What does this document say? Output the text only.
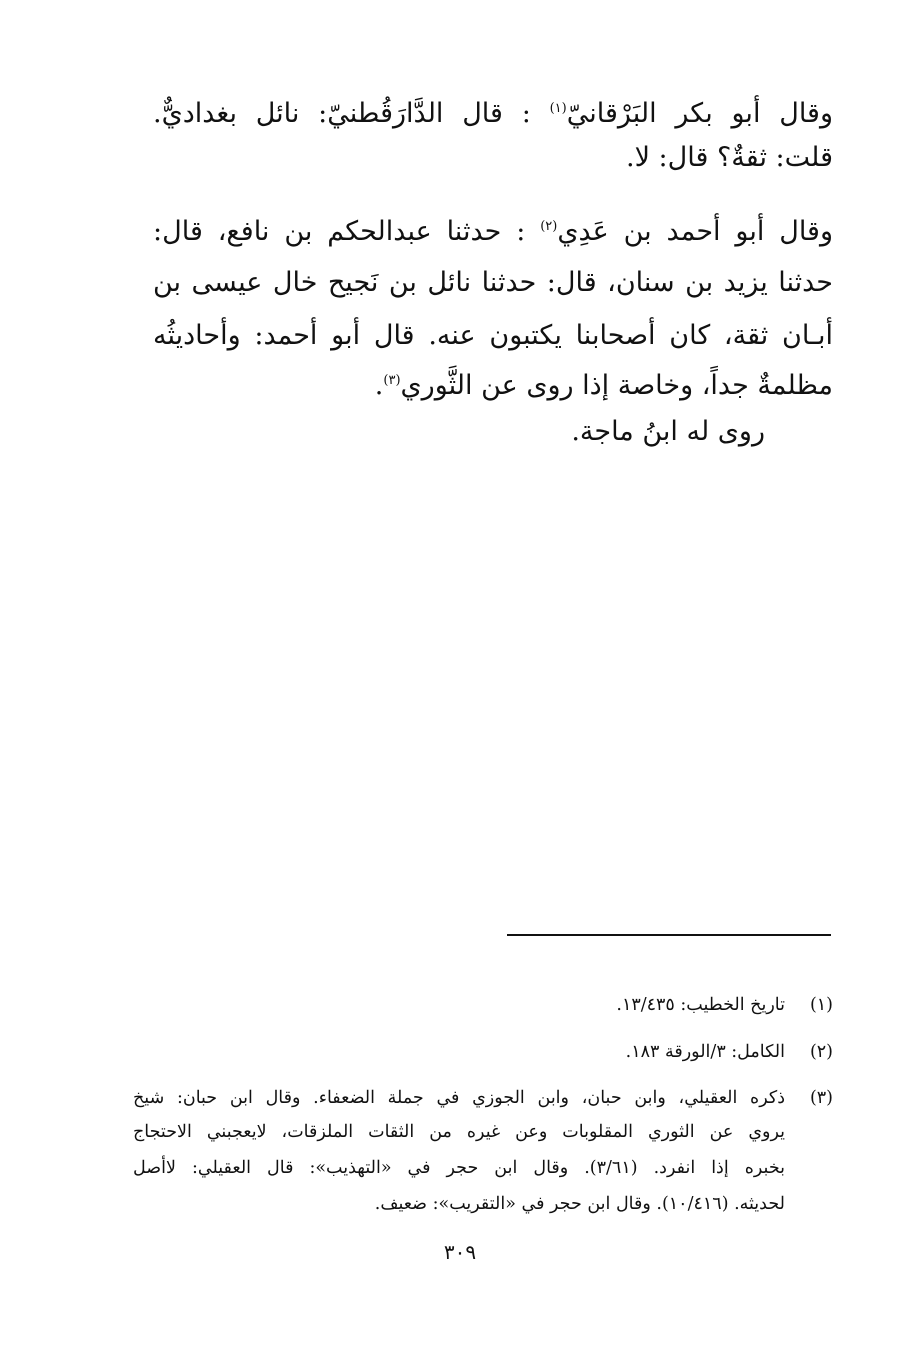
وقال أبو بكر البَرْقانيّ$^{(١)}$ : قال الدَّارَقُطنيّ: نائل بغداديٌّ.
قلت: ثقةٌ؟ قال: لا.
وقال أبو أحمد بن عَدِي$^{(٢)}$ : حدثنا عبدالحكم بن نافع، قال:
حدثنا يزيد بن سنان، قال: حدثنا نائل بن نَجيح خال عيسى بن
أبـان ثقة، كان أصحابنا يكتبون عنه. قال أبو أحمد: وأحاديثُه
مظلمةٌ جداً، وخاصة إذا روى عن الثَّوري$^{(٣)}$.
روى له ابنُ ماجة.
(١)
تاريخ الخطيب: ١٣/٤٣٥.
(٢)
الكامل: ٣/الورقة ١٨٣.
(٣)
ذكره العقيلي، وابن حبان، وابن الجوزي في جملة الضعفاء. وقال ابن حبان: شيخ
يروي عن الثوري المقلوبات وعن غيره من الثقات الملزقات، لايعجبني الاحتجاج
بخبره إذا انفرد. (٣/٦١). وقال ابن حجر في «التهذيب»: قال العقيلي: لاأصل
لحديثه. (١٠/٤١٦). وقال ابن حجر في «التقريب»: ضعيف.
٣٠٩
